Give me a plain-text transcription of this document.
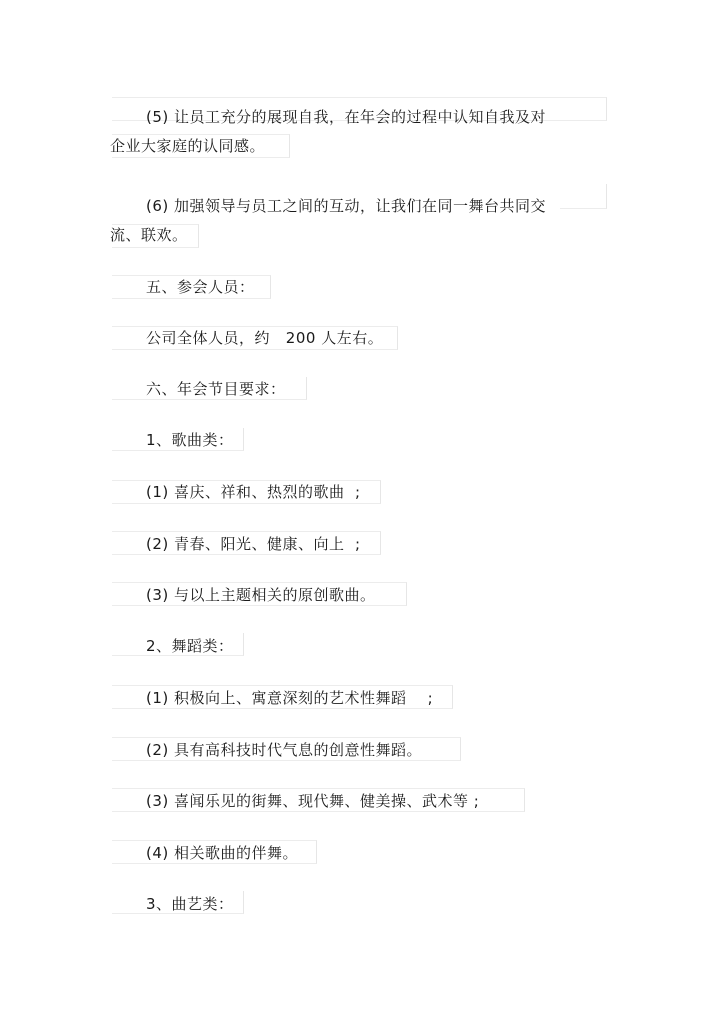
(5) 让员工充分的展现自我，在年会的过程中认知自我及对
企业大家庭的认同感。
(6) 加强领导与员工之间的互动，让我们在同一舞台共同交
流、联欢。
五、参会人员：
公司全体人员，约   200 人左右。
六、年会节目要求：
1、歌曲类：
(1) 喜庆、祥和、热烈的歌曲  ;
(2) 青春、阳光、健康、向上  ;
(3) 与以上主题相关的原创歌曲。
2、舞蹈类：
(1) 积极向上、寓意深刻的艺术性舞蹈    ;
(2) 具有高科技时代气息的创意性舞蹈。
(3) 喜闻乐见的街舞、现代舞、健美操、武术等 ;
(4) 相关歌曲的伴舞。
3、曲艺类：
